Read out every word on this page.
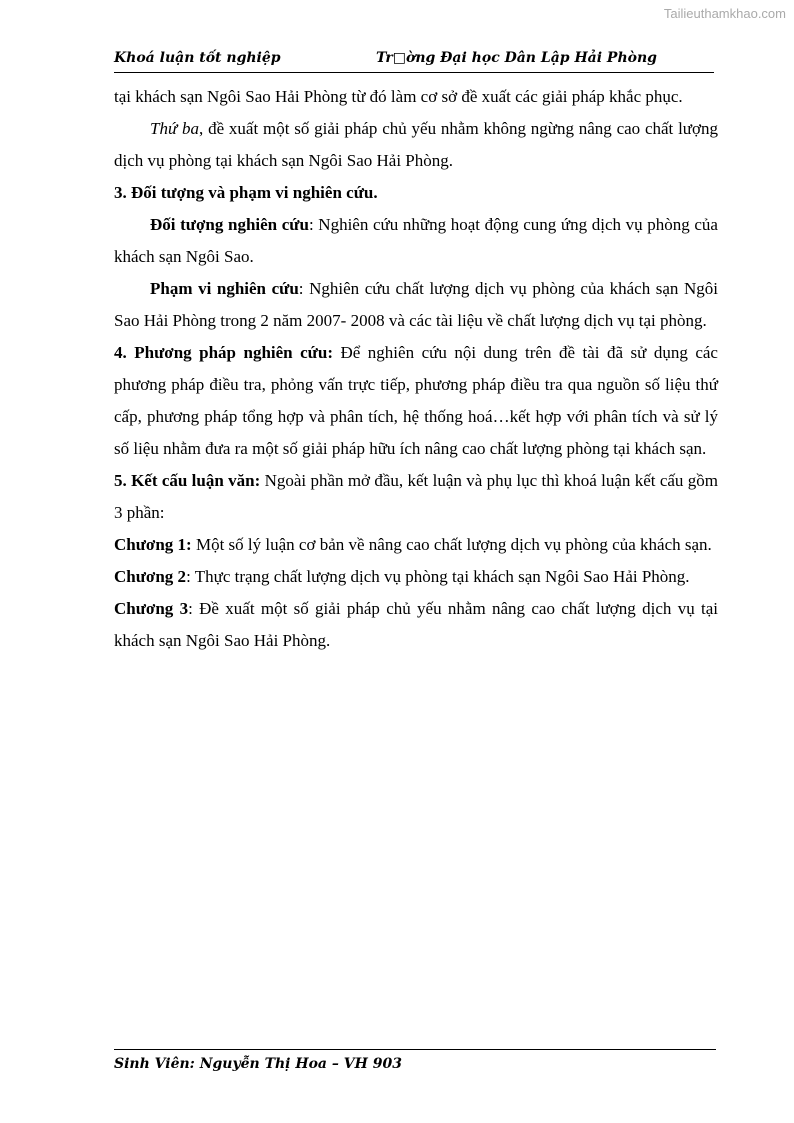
Tailieuthamkhao.com
Khoá luận tốt nghiệp	Tr□ờng Đại học Dân Lập Hải Phòng

tại khách sạn Ngôi Sao Hải Phòng từ đó làm cơ sở đề xuất các giải pháp khắc phục.

Thứ ba, đề xuất một số giải pháp chủ yếu nhằm không ngừng nâng cao chất lượng dịch vụ phòng tại khách sạn Ngôi Sao Hải Phòng.

3. Đối tượng và phạm vi nghiên cứu.

Đối tượng nghiên cứu: Nghiên cứu những hoạt động cung ứng dịch vụ phòng của khách sạn Ngôi Sao.

Phạm vi nghiên cứu: Nghiên cứu chất lượng dịch vụ phòng của khách sạn Ngôi Sao Hải Phòng trong 2 năm 2007- 2008 và các tài liệu về chất lượng dịch vụ tại phòng.

4. Phương pháp nghiên cứu: Để nghiên cứu nội dung trên đề tài đã sử dụng các phương pháp điều tra, phỏng vấn trực tiếp, phương pháp điều tra qua nguồn số liệu thứ cấp, phương pháp tổng hợp và phân tích, hệ thống hoá…kết hợp với phân tích và sử lý số liệu nhằm đưa ra một số giải pháp hữu ích nâng cao chất lượng phòng tại khách sạn.

5. Kết cấu luận văn: Ngoài phần mở đầu, kết luận và phụ lục thì khoá luận kết cấu gồm 3 phần:

Chương 1: Một số lý luận cơ bản về nâng cao chất lượng dịch vụ phòng của khách sạn.

Chương 2: Thực trạng chất lượng dịch vụ phòng tại khách sạn Ngôi Sao Hải Phòng.

Chương 3: Đề xuất một số giải pháp chủ yếu nhằm nâng cao chất lượng dịch vụ tại khách sạn Ngôi Sao Hải Phòng.

Sinh Viên: Nguyễn Thị Hoa – VH 903
